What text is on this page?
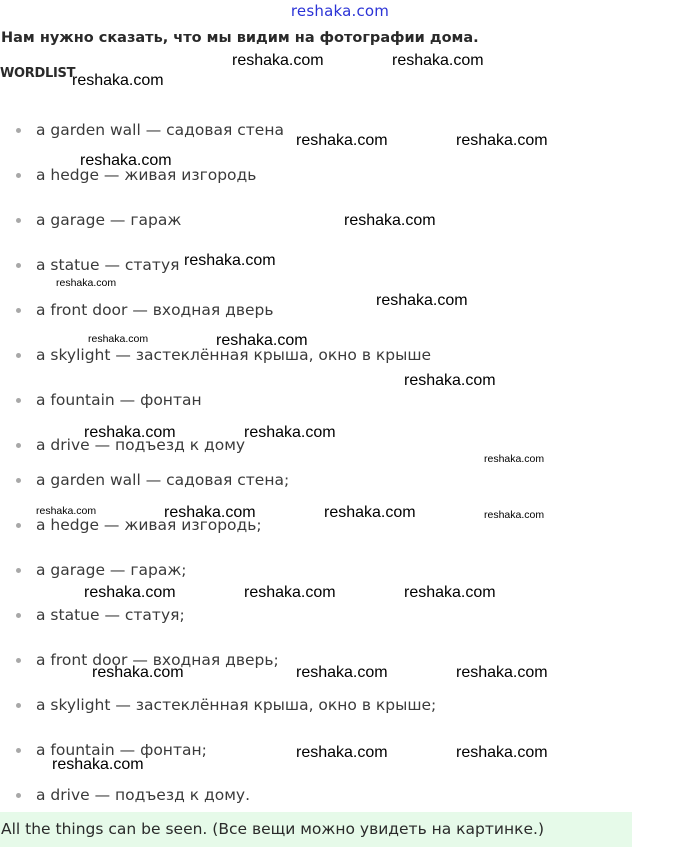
reshaka.com
Нам нужно сказать, что мы видим на фотографии дома.
WORDLIST
a garden wall — садовая стена
a hedge — живая изгородь
a garage — гараж
a statue — статуя
a front door — входная дверь
a skylight — застеклённая крыша, окно в крыше
a fountain — фонтан
a drive — подъезд к дому
a garden wall — садовая стена;
a hedge — живая изгородь;
a garage — гараж;
a statue — статуя;
a front door — входная дверь;
a skylight — застеклённая крыша, окно в крыше;
a fountain — фонтан;
a drive — подъезд к дому.
All the things can be seen. (Все вещи можно увидеть на картинке.)
reshaka.com
reshaka.com	reshaka.com
reshaka.com	reshaka.com
reshaka.com
reshaka.com
reshaka.com
reshaka.com
reshaka.com
reshaka.com	reshaka.com
reshaka.com
reshaka.com	reshaka.com
reshaka.com
reshaka.com	reshaka.com	reshaka.com	reshaka.com
reshaka.com	reshaka.com	reshaka.com
reshaka.com	reshaka.com	reshaka.com
reshaka.com	reshaka.com
reshaka.com
